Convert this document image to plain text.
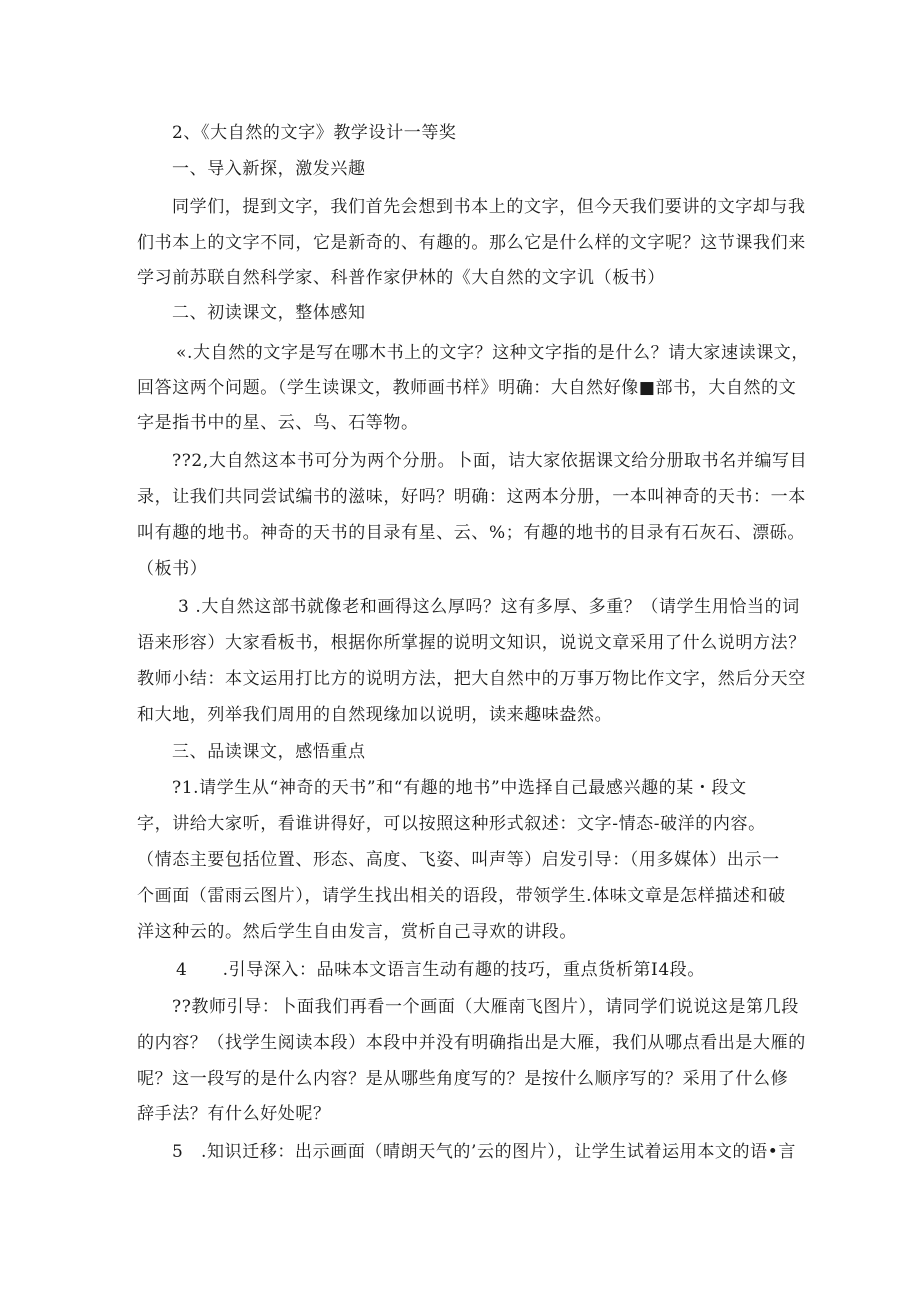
2、《大自然的文字》教学设计一等奖
一、导入新探，激发兴趣
同学们，提到文字，我们首先会想到书本上的文字，但今天我们要讲的文字却与我
们书本上的文字不同，它是新奇的、有趣的。那么它是什么样的文字呢？这节课我们来
学习前苏联自然科学家、科普作家伊林的《大自然的文字讥（板书）
二、初读课文，整体感知
«.大自然的文字是写在哪木书上的文字？这种文字指的是什么？请大家速读课文，
回答这两个问题。（学生读课文，教师画书样》明确：大自然好像■部书，大自然的文
字是指书中的星、云、鸟、石等物。
??2,大自然这本书可分为两个分册。卜面，诘大家依据课文给分册取书名并编写目
录，让我们共同尝试编书的滋味，好吗？明确：这两本分册，一本叫神奇的天书：一本
叫有趣的地书。神奇的天书的目录有星、云、%；有趣的地书的目录有石灰石、漂砾。
（板书）
3 .大自然这部书就像老和画得这么厚吗？这有多厚、多重？（请学生用恰当的词
语来形容）大家看板书，根据你所掌握的说明文知识，说说文章采用了什么说明方法？
教师小结：本文运用打比方的说明方法，把大自然中的万事万物比作文字，然后分天空
和大地，列举我们周用的自然现缘加以说明，读来趣味盎然。
三、品读课文，感悟重点
?1.请学生从“神奇的天书”和“有趣的地书”中选择自己最感兴趣的某・段文
字，讲给大家听，看谁讲得好，可以按照这种形式叙述：文字-情态-破洋的内容。
（情态主要包括位置、形态、高度、飞姿、叫声等）启发引导：（用多媒体）出示一
个画面（雷雨云图片），请学生找出相关的语段，带领学生.体味文章是怎样描述和破
洋这种云的。然后学生自由发言，赏析自己寻欢的讲段。
4  .引导深入：品味本文语言生动有趣的技巧，重点货析第I4段。
??教师引导：卜面我们再看一个画面（大雁南飞图片），请同学们说说这是第几段
的内容？（找学生阅读本段）本段中并没有明确指出是大雁，我们从哪点看出是大雁的
呢？这一段写的是什么内容？是从哪些角度写的？是按什么顺序写的？采用了什么修
辞手法？有什么好处呢？
5 .知识迁移：出示画面（晴朗天气的’云的图片），让学生试着运用本文的语•言
